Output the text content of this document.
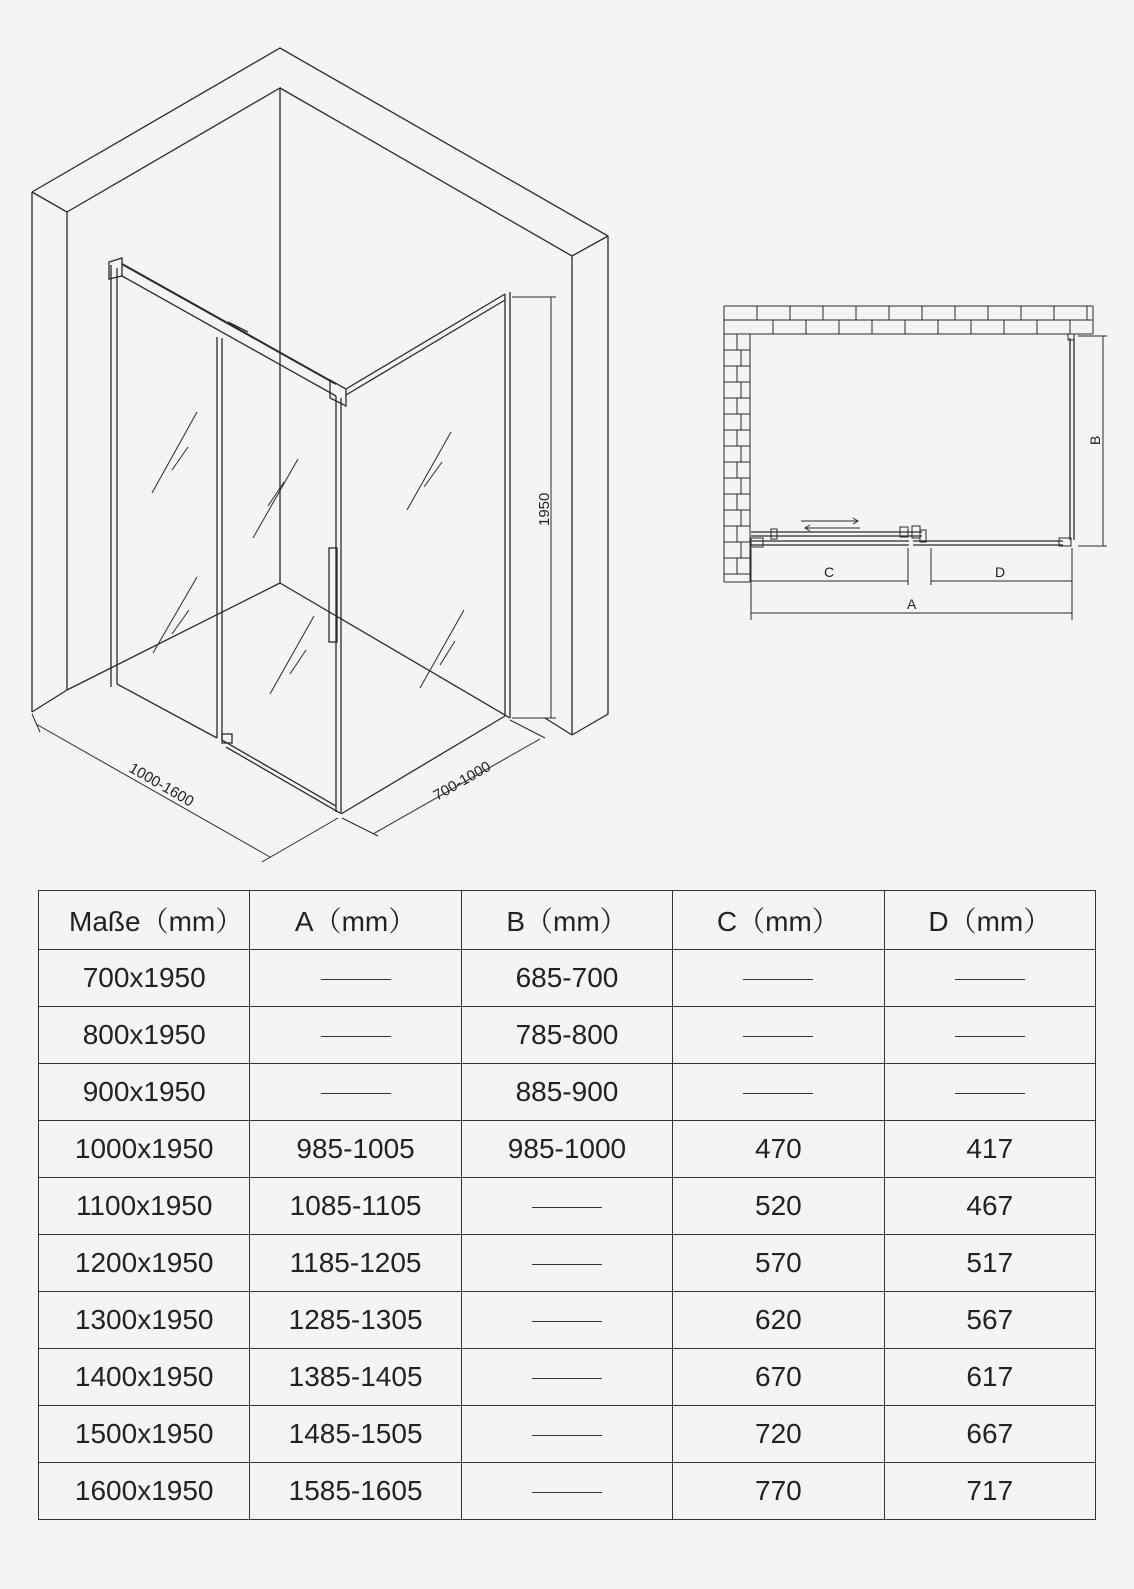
1950
1000-1600	700-1000
B
C	D
A
Maße（mm）	A（mm）	B（mm）	C（mm）	D（mm）
700x1950		685-700		
800x1950		785-800		
900x1950		885-900		
1000x1950	985-1005	985-1000	470	417
1100x1950	1085-1105		520	467
1200x1950	1185-1205		570	517
1300x1950	1285-1305		620	567
1400x1950	1385-1405		670	617
1500x1950	1485-1505		720	667
1600x1950	1585-1605		770	717
